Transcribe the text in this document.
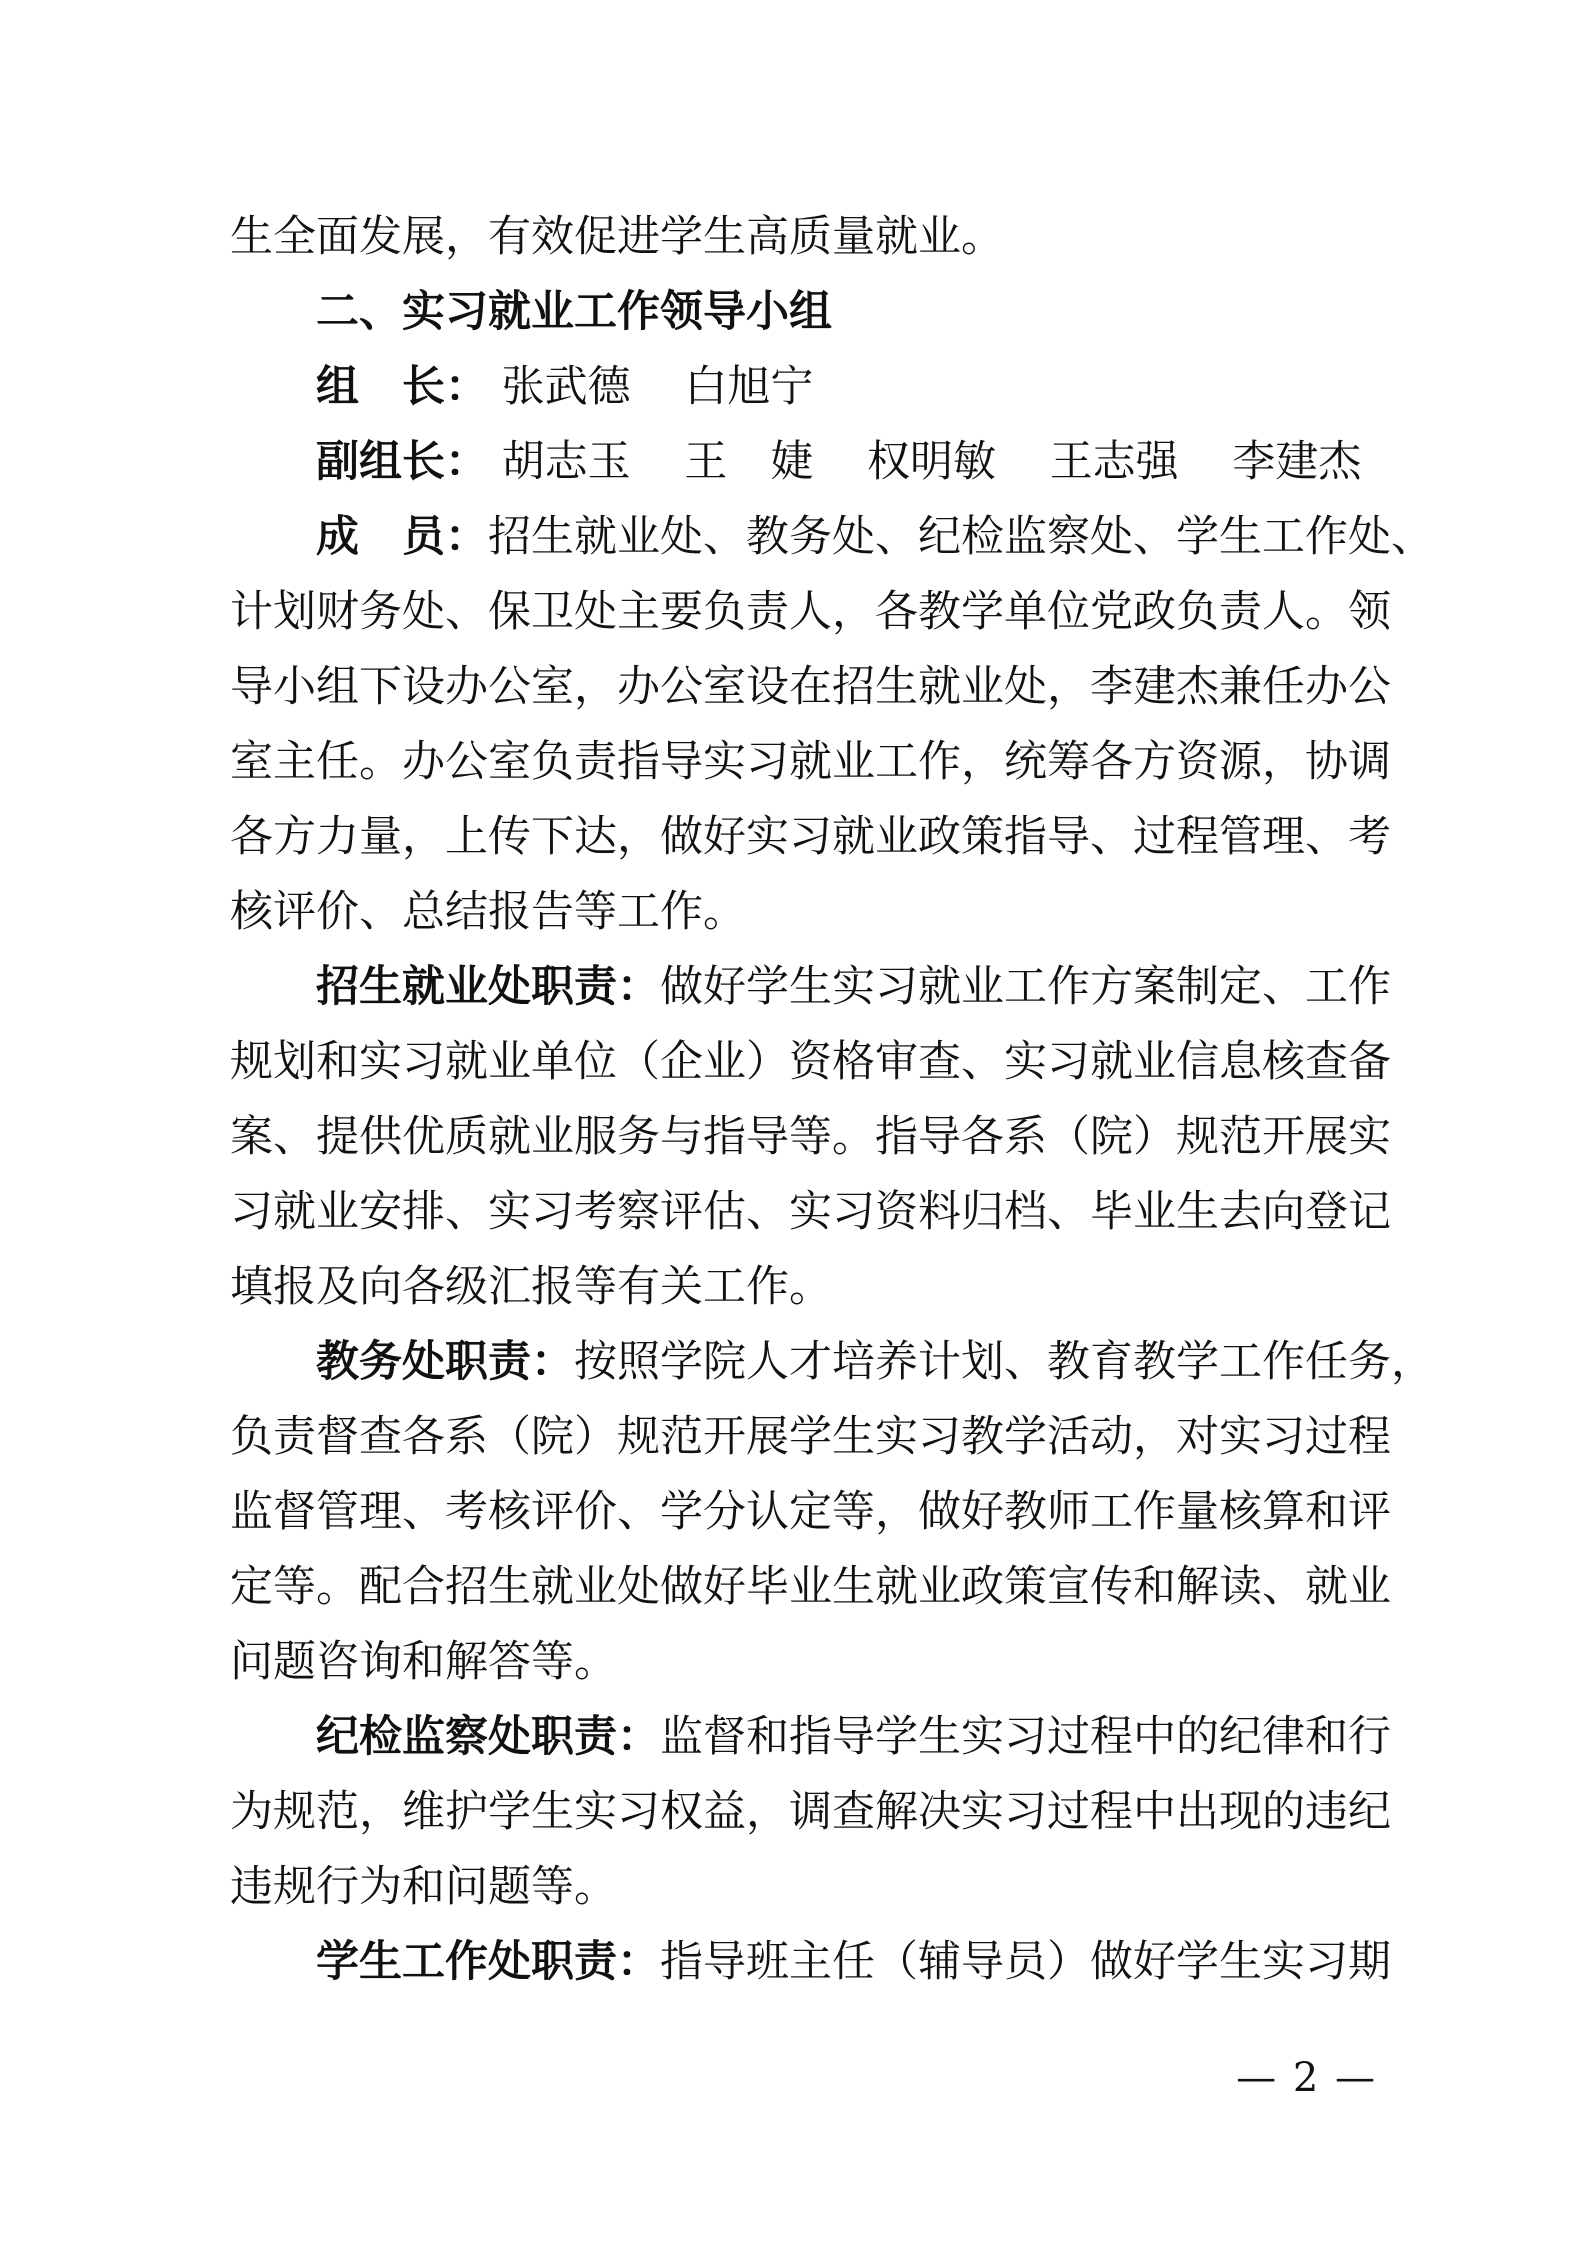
生全面发展，有效促进学生高质量就业。
二、实习就业工作领导小组
组　长： 张武德 白旭宁
副组长： 胡志玉 王　婕 权明敏 王志强 李建杰
成　员：招生就业处、教务处、纪检监察处、学生工作处、
计划财务处、保卫处主要负责人，各教学单位党政负责人。领
导小组下设办公室，办公室设在招生就业处，李建杰兼任办公
室主任。办公室负责指导实习就业工作，统筹各方资源，协调
各方力量，上传下达，做好实习就业政策指导、过程管理、考
核评价、总结报告等工作。
招生就业处职责：做好学生实习就业工作方案制定、工作
规划和实习就业单位（企业）资格审查、实习就业信息核查备
案、提供优质就业服务与指导等。指导各系（院）规范开展实
习就业安排、实习考察评估、实习资料归档、毕业生去向登记
填报及向各级汇报等有关工作。
教务处职责：按照学院人才培养计划、教育教学工作任务，
负责督查各系（院）规范开展学生实习教学活动，对实习过程
监督管理、考核评价、学分认定等，做好教师工作量核算和评
定等。配合招生就业处做好毕业生就业政策宣传和解读、就业
问题咨询和解答等。
纪检监察处职责：监督和指导学生实习过程中的纪律和行
为规范，维护学生实习权益，调查解决实习过程中出现的违纪
违规行为和问题等。
学生工作处职责：指导班主任（辅导员）做好学生实习期
— 2 —
